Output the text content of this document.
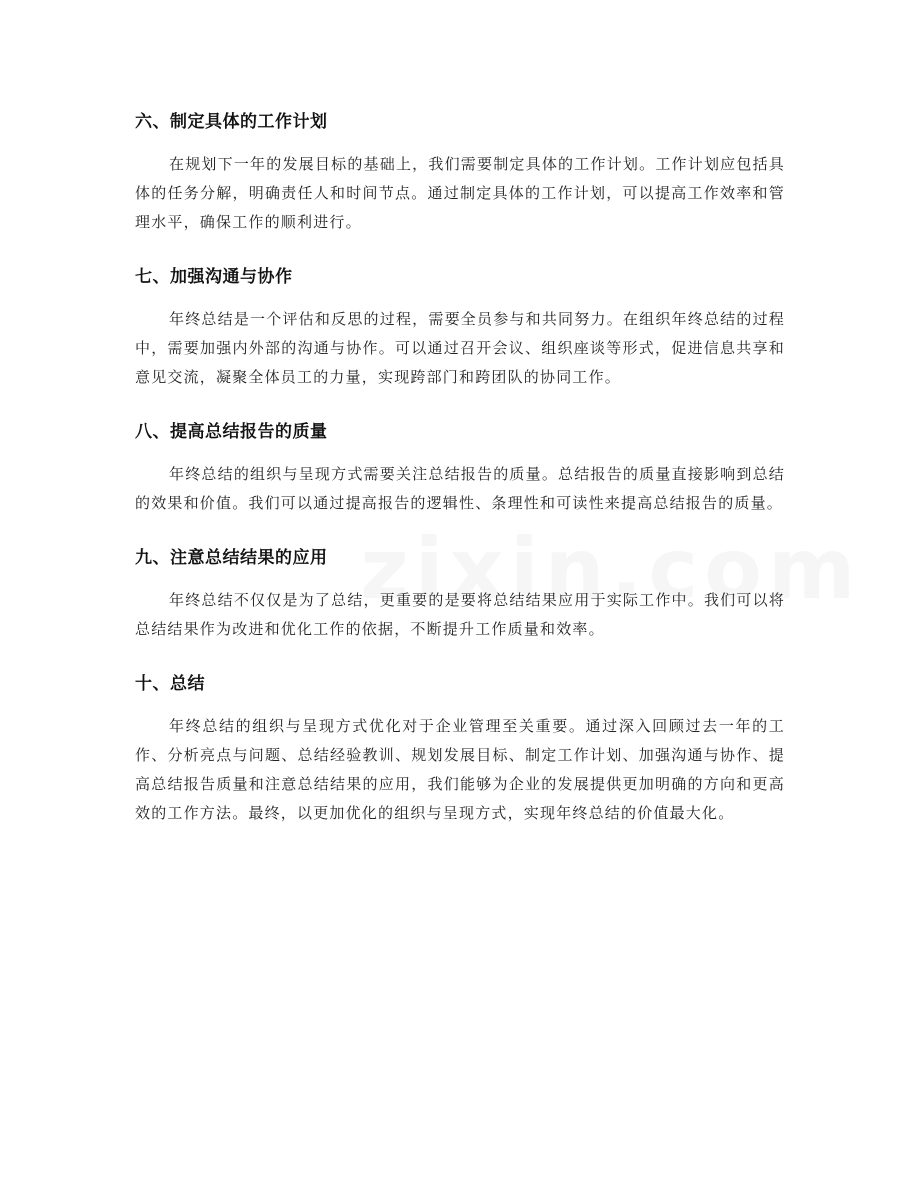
六、制定具体的工作计划

在规划下一年的发展目标的基础上，我们需要制定具体的工作计划。工作计划应包括具体的任务分解，明确责任人和时间节点。通过制定具体的工作计划，可以提高工作效率和管理水平，确保工作的顺利进行。

七、加强沟通与协作

年终总结是一个评估和反思的过程，需要全员参与和共同努力。在组织年终总结的过程中，需要加强内外部的沟通与协作。可以通过召开会议、组织座谈等形式，促进信息共享和意见交流，凝聚全体员工的力量，实现跨部门和跨团队的协同工作。

八、提高总结报告的质量

年终总结的组织与呈现方式需要关注总结报告的质量。总结报告的质量直接影响到总结的效果和价值。我们可以通过提高报告的逻辑性、条理性和可读性来提高总结报告的质量。

九、注意总结结果的应用

年终总结不仅仅是为了总结，更重要的是要将总结结果应用于实际工作中。我们可以将总结结果作为改进和优化工作的依据，不断提升工作质量和效率。

十、总结

年终总结的组织与呈现方式优化对于企业管理至关重要。通过深入回顾过去一年的工作、分析亮点与问题、总结经验教训、规划发展目标、制定工作计划、加强沟通与协作、提高总结报告质量和注意总结结果的应用，我们能够为企业的发展提供更加明确的方向和更高效的工作方法。最终，以更加优化的组织与呈现方式，实现年终总结的价值最大化。
